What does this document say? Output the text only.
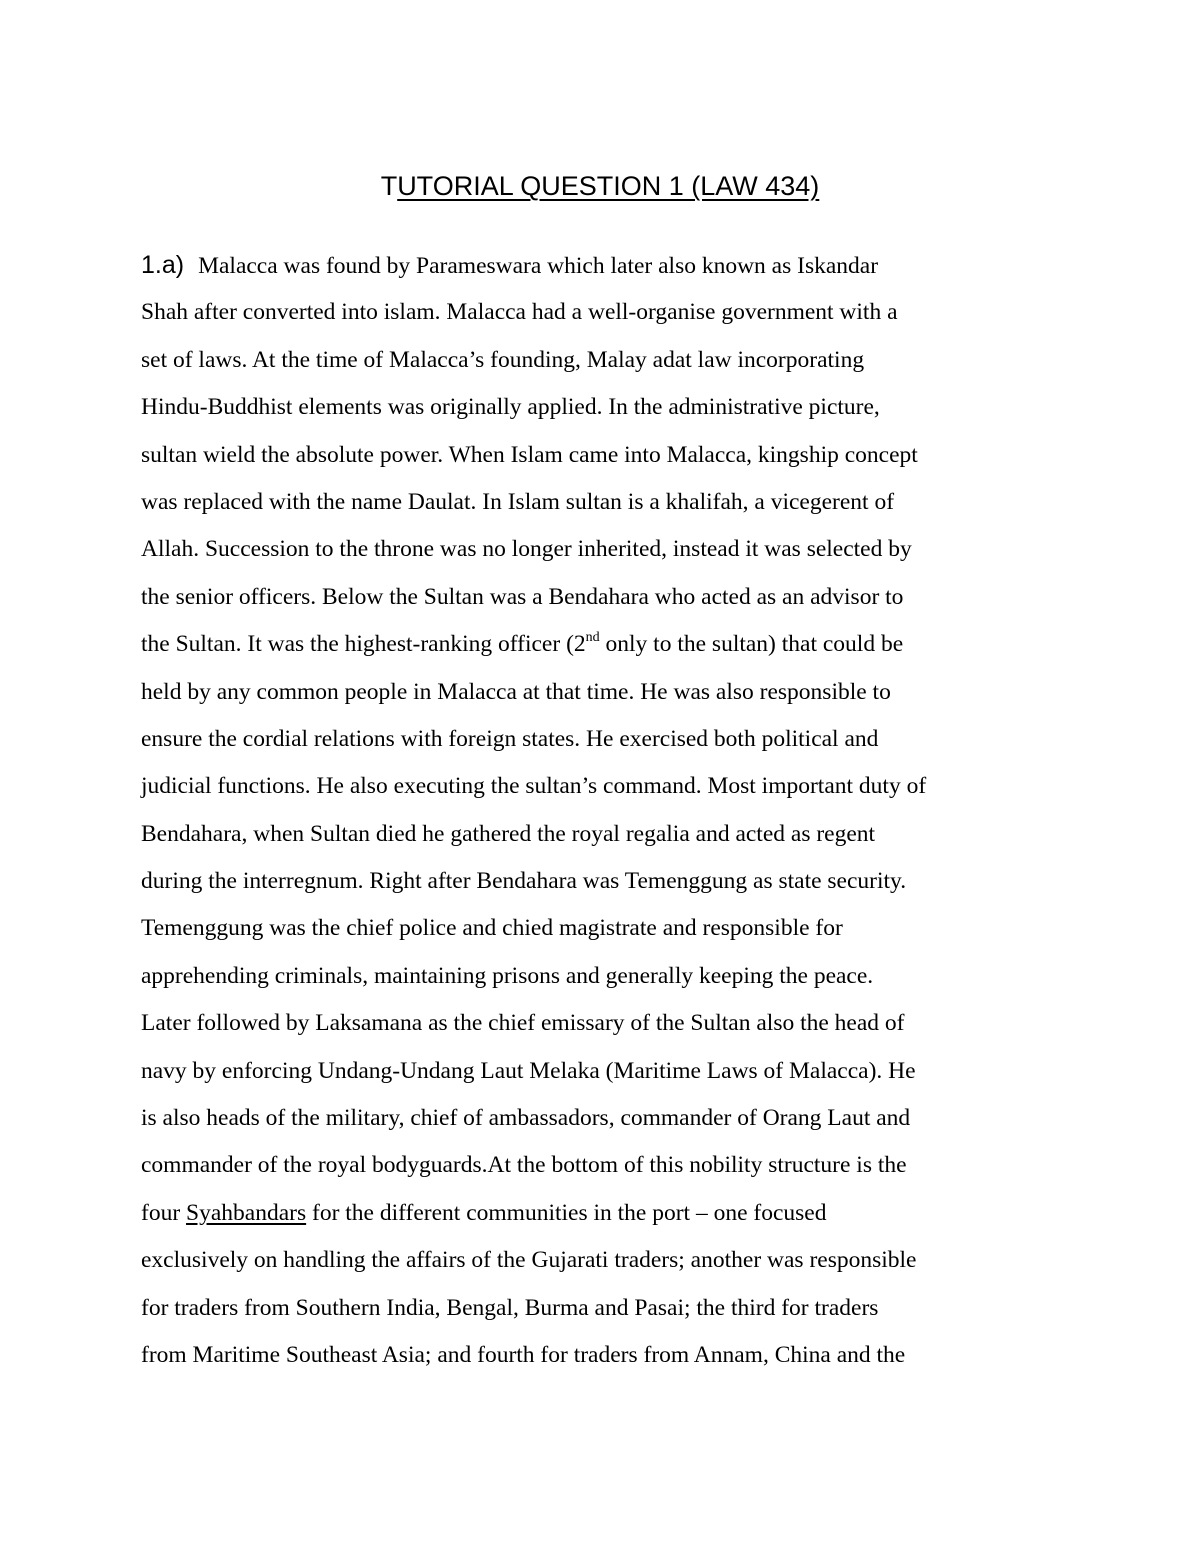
TUTORIAL QUESTION 1 (LAW 434)
1.a) Malacca was found by Parameswara which later also known as Iskandar
Shah after converted into islam. Malacca had a well-organise government with a
set of laws. At the time of Malacca’s founding, Malay adat law incorporating
Hindu-Buddhist elements was originally applied. In the administrative picture,
sultan wield the absolute power. When Islam came into Malacca, kingship concept
was replaced with the name Daulat. In Islam sultan is a khalifah, a vicegerent of
Allah. Succession to the throne was no longer inherited, instead it was selected by
the senior officers. Below the Sultan was a Bendahara who acted as an advisor to
the Sultan. It was the highest-ranking officer (2nd only to the sultan) that could be
held by any common people in Malacca at that time. He was also responsible to
ensure the cordial relations with foreign states. He exercised both political and
judicial functions. He also executing the sultan’s command. Most important duty of
Bendahara, when Sultan died he gathered the royal regalia and acted as regent
during the interregnum. Right after Bendahara was Temenggung as state security.
Temenggung was the chief police and chied magistrate and responsible for
apprehending criminals, maintaining prisons and generally keeping the peace.
Later followed by Laksamana as the chief emissary of the Sultan also the head of
navy by enforcing Undang-Undang Laut Melaka (Maritime Laws of Malacca). He
is also heads of the military, chief of ambassadors, commander of Orang Laut and
commander of the royal bodyguards.At the bottom of this nobility structure is the
four Syahbandars for the different communities in the port – one focused
exclusively on handling the affairs of the Gujarati traders; another was responsible
for traders from Southern India, Bengal, Burma and Pasai; the third for traders
from Maritime Southeast Asia; and fourth for traders from Annam, China and the
